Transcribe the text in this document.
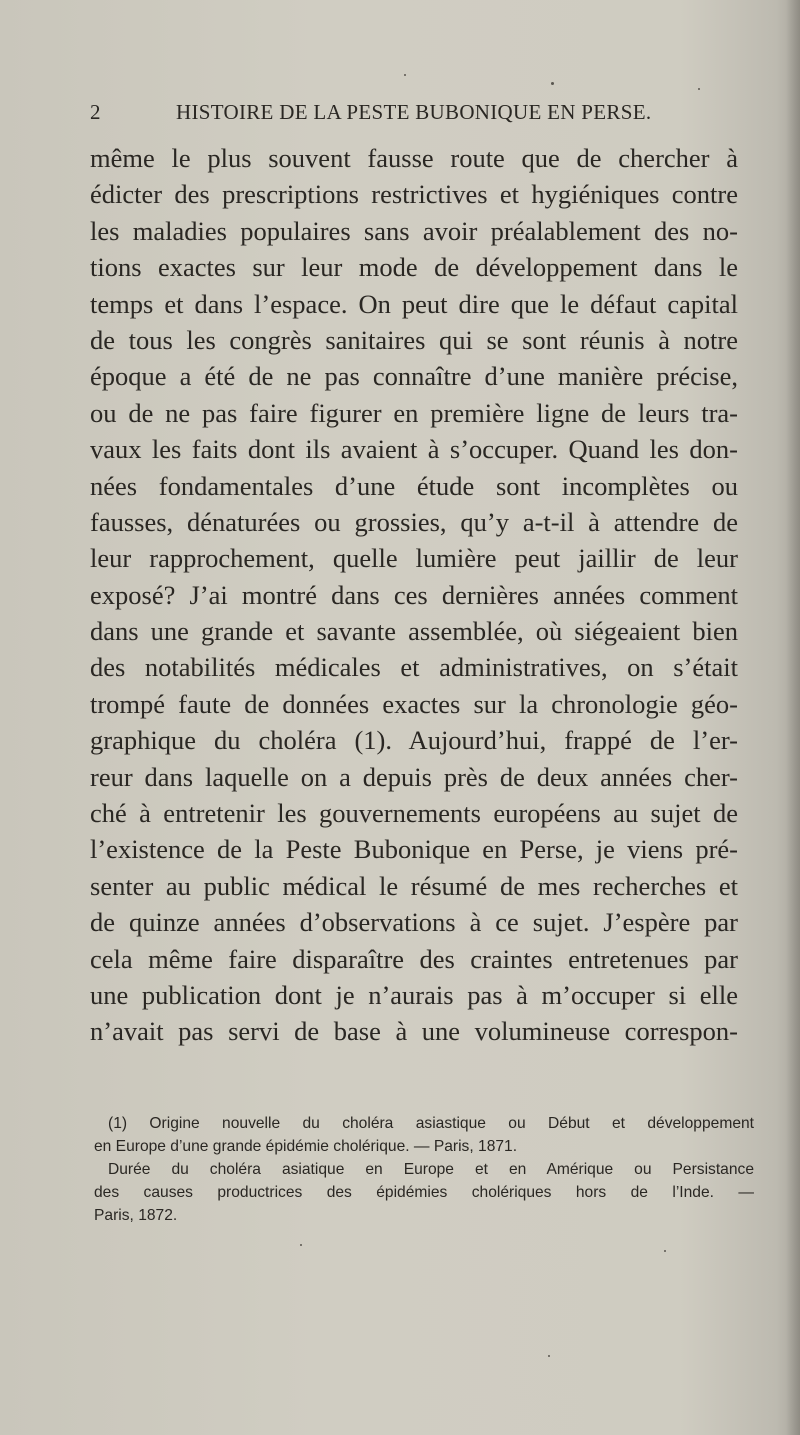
2	HISTOIRE DE LA PESTE BUBONIQUE EN PERSE.
même le plus souvent fausse route que de chercher à
édicter des prescriptions restrictives et hygiéniques contre
les maladies populaires sans avoir préalablement des no-
tions exactes sur leur mode de développement dans le
temps et dans l’espace. On peut dire que le défaut capital
de tous les congrès sanitaires qui se sont réunis à notre
époque a été de ne pas connaître d’une manière précise,
ou de ne pas faire figurer en première ligne de leurs tra-
vaux les faits dont ils avaient à s’occuper. Quand les don-
nées fondamentales d’une étude sont incomplètes ou
fausses, dénaturées ou grossies, qu’y a-t-il à attendre de
leur rapprochement, quelle lumière peut jaillir de leur
exposé? J’ai montré dans ces dernières années comment
dans une grande et savante assemblée, où siégeaient bien
des notabilités médicales et administratives, on s’était
trompé faute de données exactes sur la chronologie géo-
graphique du choléra (1). Aujourd’hui, frappé de l’er-
reur dans laquelle on a depuis près de deux années cher-
ché à entretenir les gouvernements européens au sujet de
l’existence de la Peste Bubonique en Perse, je viens pré-
senter au public médical le résumé de mes recherches et
de quinze années d’observations à ce sujet. J’espère par
cela même faire disparaître des craintes entretenues par
une publication dont je n’aurais pas à m’occuper si elle
n’avait pas servi de base à une volumineuse correspon-
(1) Origine nouvelle du choléra asiastique ou Début et développement
en Europe d’une grande épidémie cholérique. — Paris, 1871.
Durée du choléra asiatique en Europe et en Amérique ou Persistance
des causes productrices des épidémies cholériques hors de l’Inde. —
Paris, 1872.
